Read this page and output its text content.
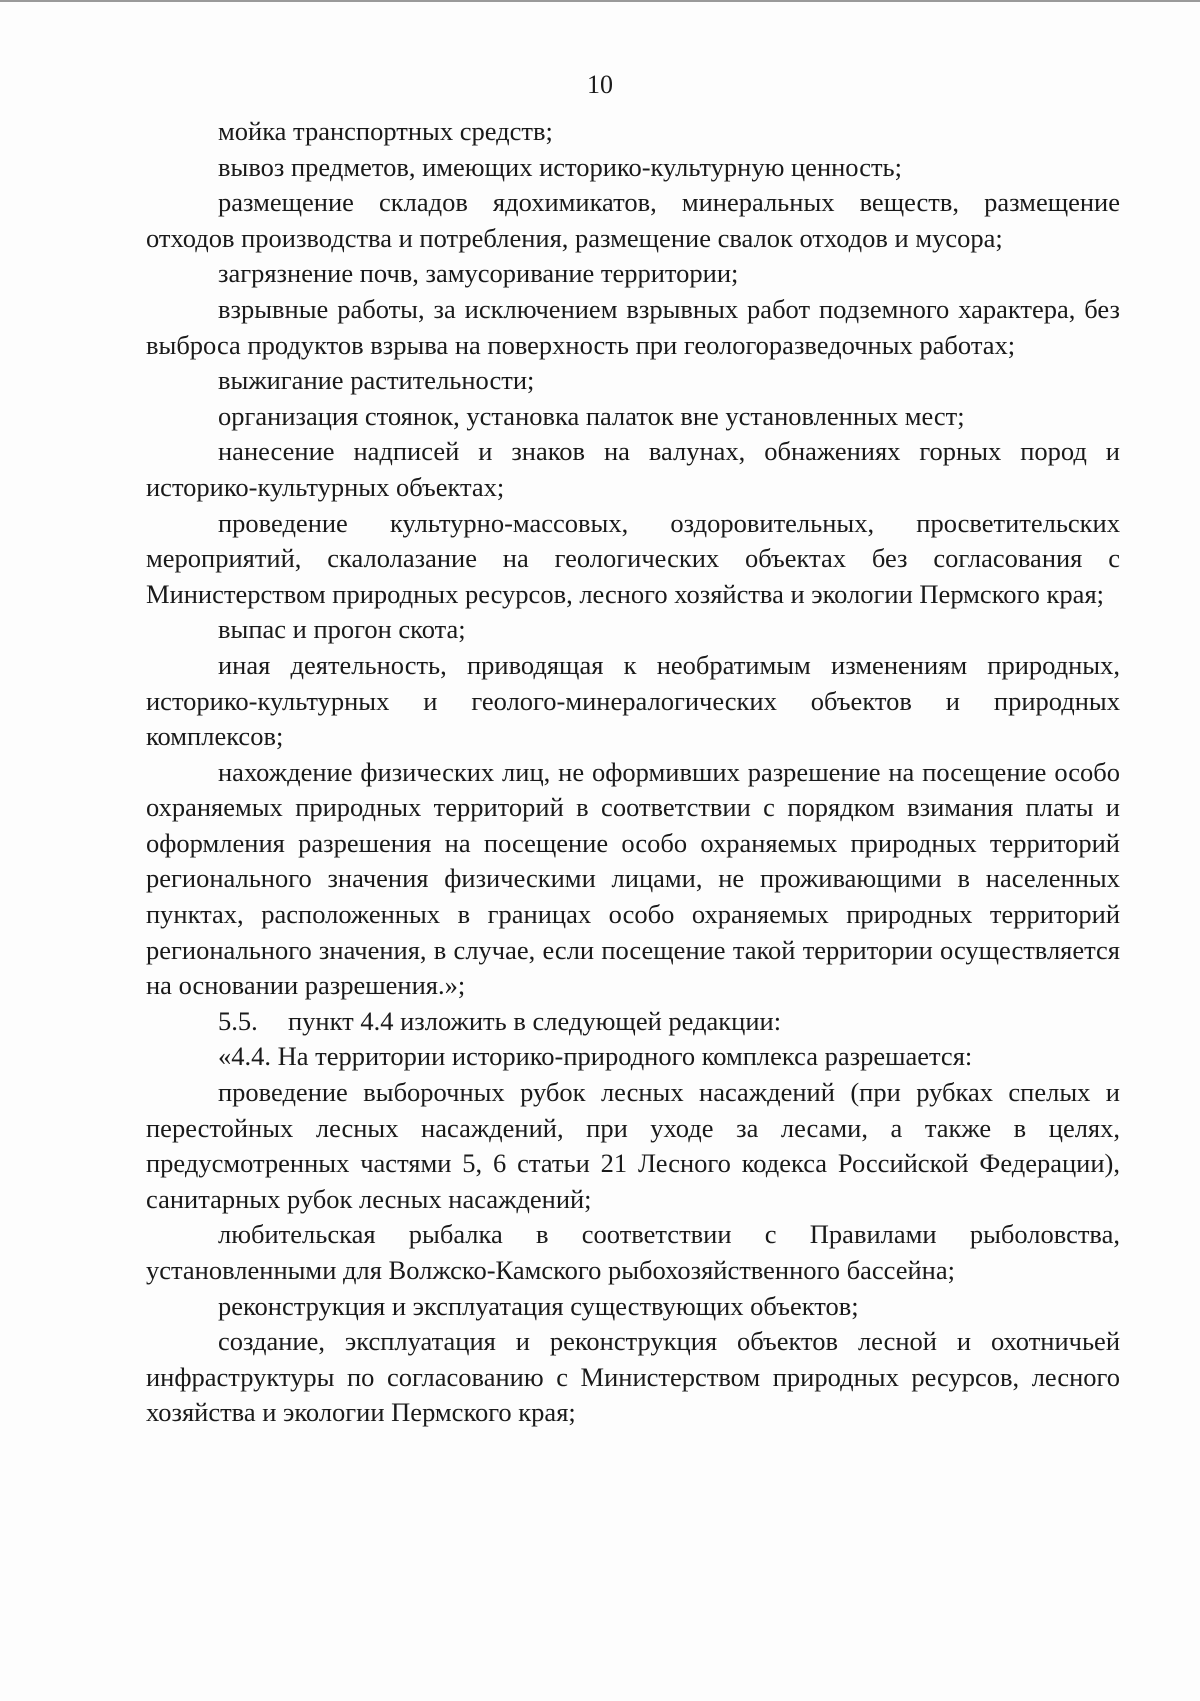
10

мойка транспортных средств;

вывоз предметов, имеющих историко-культурную ценность;

размещение складов ядохимикатов, минеральных веществ, размещение отходов производства и потребления, размещение свалок отходов и мусора;

загрязнение почв, замусоривание территории;

взрывные работы, за исключением взрывных работ подземного характера, без выброса продуктов взрыва на поверхность при геологоразведочных работах;

выжигание растительности;

организация стоянок, установка палаток вне установленных мест;

нанесение надписей и знаков на валунах, обнажениях горных пород и историко-культурных объектах;

проведение культурно-массовых, оздоровительных, просветительских мероприятий, скалолазание на геологических объектах без согласования с Министерством природных ресурсов, лесного хозяйства и экологии Пермского края;

выпас и прогон скота;

иная деятельность, приводящая к необратимым изменениям природных, историко-культурных и геолого-минералогических объектов и природных комплексов;

нахождение физических лиц, не оформивших разрешение на посещение особо охраняемых природных территорий в соответствии с порядком взимания платы и оформления разрешения на посещение особо охраняемых природных территорий регионального значения физическими лицами, не проживающими в населенных пунктах, расположенных в границах особо охраняемых природных территорий регионального значения, в случае, если посещение такой территории осуществляется на основании разрешения.»;

5.5. пункт 4.4 изложить в следующей редакции:

«4.4. На территории историко-природного комплекса разрешается:

проведение выборочных рубок лесных насаждений (при рубках спелых и перестойных лесных насаждений, при уходе за лесами, а также в целях, предусмотренных частями 5, 6 статьи 21 Лесного кодекса Российской Федерации), санитарных рубок лесных насаждений;

любительская рыбалка в соответствии с Правилами рыболовства, установленными для Волжско-Камского рыбохозяйственного бассейна;

реконструкция и эксплуатация существующих объектов;

создание, эксплуатация и реконструкция объектов лесной и охотничьей инфраструктуры по согласованию с Министерством природных ресурсов, лесного хозяйства и экологии Пермского края;
